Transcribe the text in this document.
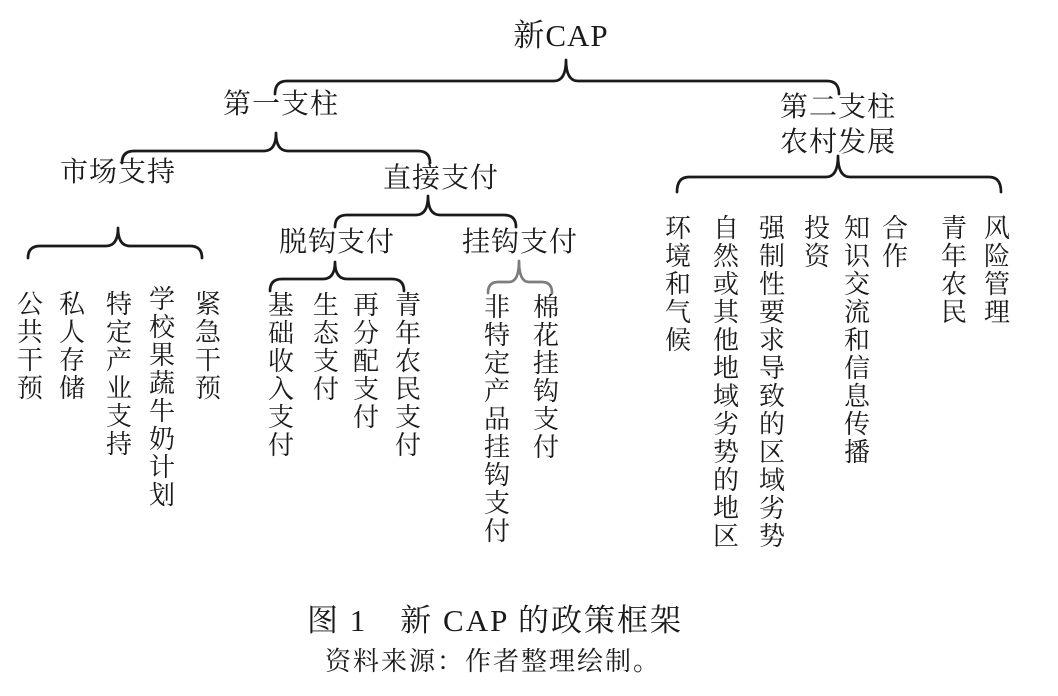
新CAP
第一支柱	第二支柱
农村发展
市场支持	直接支付
脱钩支付 挂钩支付
公共干预 私人存储 特定产业支持 学校果蔬牛奶计划 紧急干预 基础收入支付 生态支付 再分配支付 青年农民支付 非特定产品挂钩支付 棉花挂钩支付
环境和气候 自然或其他地域劣势的地区 强制性要求导致的区域劣势 投资 知识交流和信息传播 合作 青年农民 风险管理
图 1　新 CAP 的政策框架
资料来源：作者整理绘制。
